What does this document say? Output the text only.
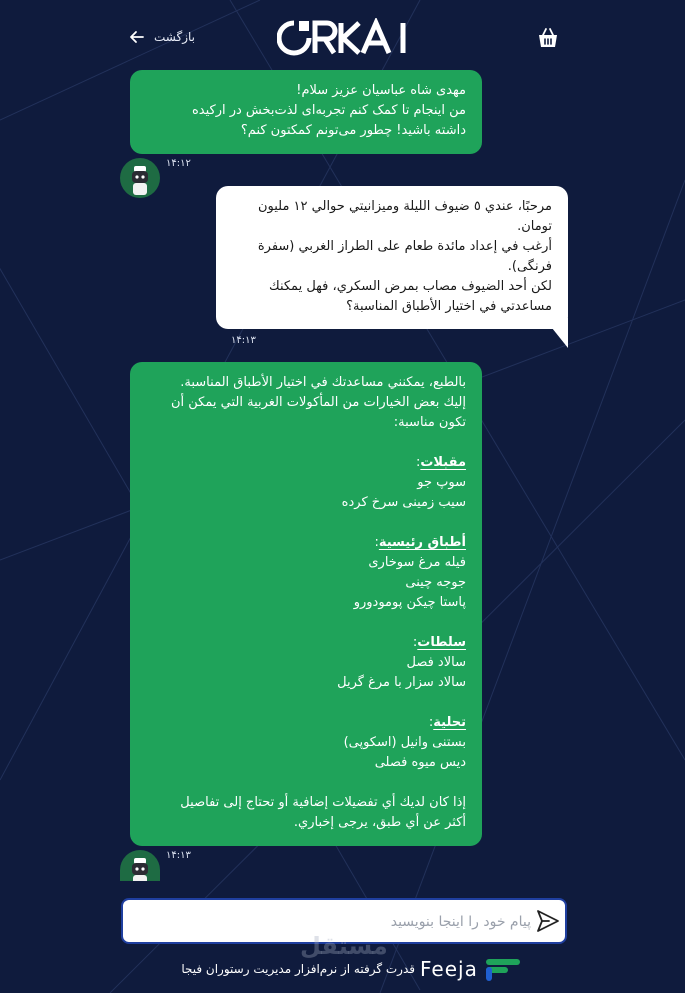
بازگشت

مهدی شاه عباسیان عزیز سلام!

من اینجام تا کمک کنم تجربه‌ای لذت‌بخش در ارکیده

داشته باشید! چطور می‌تونم کمکتون کنم؟

۱۴:۱۲

مرحبًا، عندي ٥ ضيوف الليلة وميزانيتي حوالي ١٢ مليون

تومان.

أرغب في إعداد مائدة طعام على الطراز الغربي (سفرة

فرنگی).

لكن أحد الضيوف مصاب بمرض السكري، فهل يمكنك

مساعدتي في اختيار الأطباق المناسبة؟

۱۴:۱۳

بالطبع، يمكنني مساعدتك في اختيار الأطباق المناسبة.

إليك بعض الخيارات من المأكولات الغربية التي يمكن أن

تكون مناسبة:

مقبلات:

سوپ جو

سیب زمینی سرخ کرده

أطباق رئيسية:

فیله مرغ سوخاری

جوجه چینی

پاستا چیکن پومودورو

سلطات:

سالاد فصل

سالاد سزار با مرغ گریل

تحلية:

بستنی وانیل (اسکوپی)

دیس میوه فصلی

إذا كان لديك أي تفضيلات إضافية أو تحتاج إلى تفاصيل

أكثر عن أي طبق، يرجى إخباري.

۱۴:۱۳
پیام خود را اینجا بنویسید
مستقل
قدرت گرفته از نرم‌افزار مدیریت رستوران فیجا Feeja
